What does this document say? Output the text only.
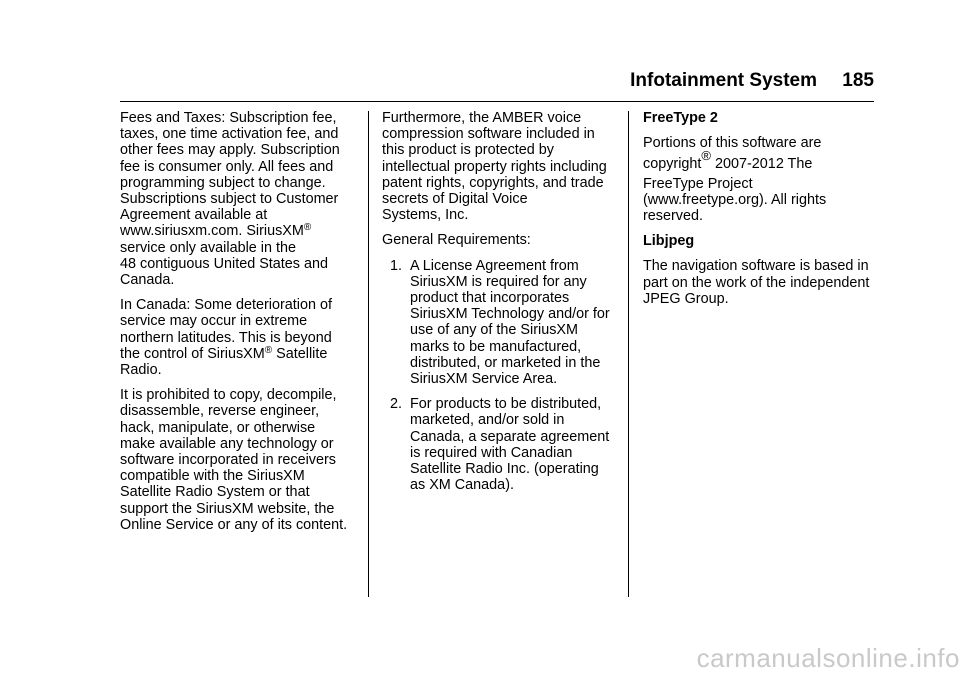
Infotainment System 185
Fees and Taxes: Subscription fee,
taxes, one time activation fee, and
other fees may apply. Subscription
fee is consumer only. All fees and
programming subject to change.
Subscriptions subject to Customer
Agreement available at
www.siriusxm.com. SiriusXM®
service only available in the
48 contiguous United States and
Canada.
In Canada: Some deterioration of
service may occur in extreme
northern latitudes. This is beyond
the control of SiriusXM® Satellite
Radio.
It is prohibited to copy, decompile,
disassemble, reverse engineer,
hack, manipulate, or otherwise
make available any technology or
software incorporated in receivers
compatible with the SiriusXM
Satellite Radio System or that
support the SiriusXM website, the
Online Service or any of its content.
Furthermore, the AMBER voice
compression software included in
this product is protected by
intellectual property rights including
patent rights, copyrights, and trade
secrets of Digital Voice
Systems, Inc.
General Requirements:
1. A License Agreement from
SiriusXM is required for any
product that incorporates
SiriusXM Technology and/or for
use of any of the SiriusXM
marks to be manufactured,
distributed, or marketed in the
SiriusXM Service Area.
2. For products to be distributed,
marketed, and/or sold in
Canada, a separate agreement
is required with Canadian
Satellite Radio Inc. (operating
as XM Canada).
FreeType 2
Portions of this software are
copyright® 2007-2012 The
FreeType Project
(www.freetype.org). All rights
reserved.
Libjpeg
The navigation software is based in
part on the work of the independent
JPEG Group.
carmanualsonline.info
